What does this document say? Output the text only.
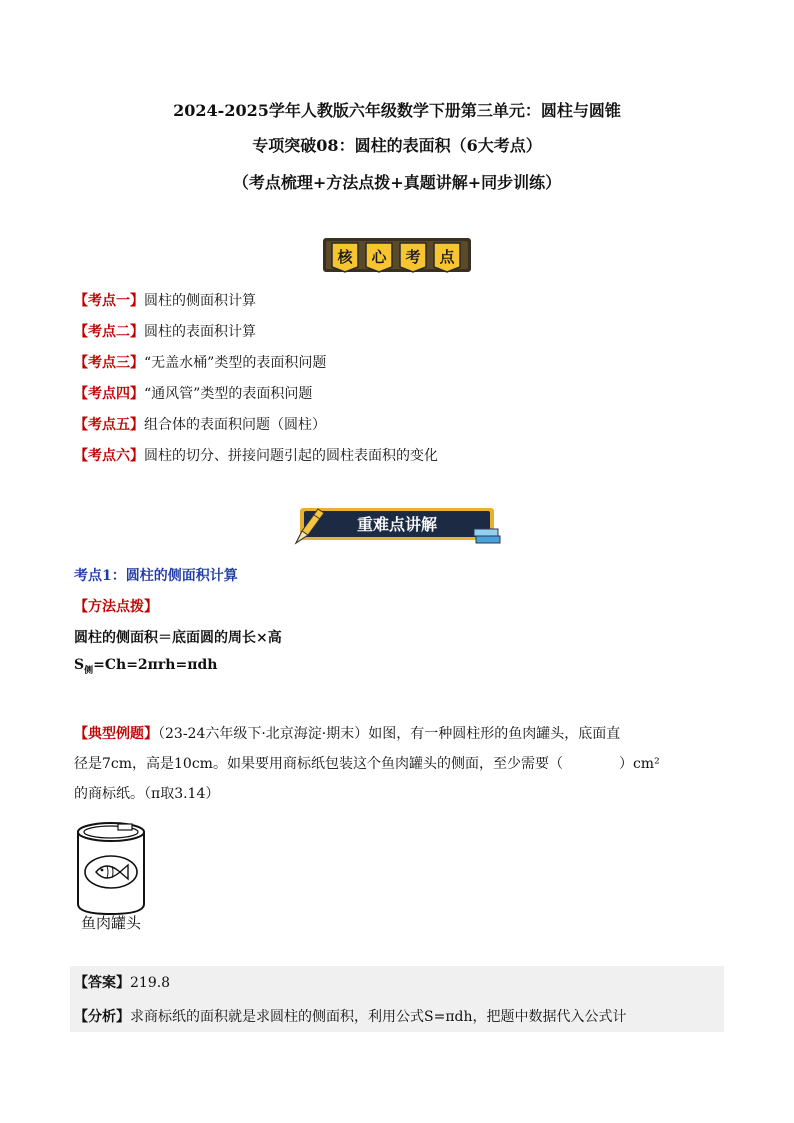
2024-2025学年人教版六年级数学下册第三单元：圆柱与圆锥
专项突破08：圆柱的表面积（6大考点）
（考点梳理+方法点拨+真题讲解+同步训练）
核 心 考 点
【考点一】圆柱的侧面积计算
【考点二】圆柱的表面积计算
【考点三】“无盖水桶”类型的表面积问题
【考点四】“通风管”类型的表面积问题
【考点五】组合体的表面积问题（圆柱）
【考点六】圆柱的切分、拼接问题引起的圆柱表面积的变化
重难点讲解
考点1：圆柱的侧面积计算
【方法点拨】
圆柱的侧面积＝底面圆的周长×高
$S_侧=Ch=2\pi rh=\pi dh$
【典型例题】（23-24六年级下·北京海淀·期末）如图，有一种圆柱形的鱼肉罐头，底面直
径是7cm，高是10cm。如果要用商标纸包装这个鱼肉罐头的侧面，至少需要（　　　　）cm²
的商标纸。（π取3.14）
鱼肉罐头
【答案】219.8
【分析】求商标纸的面积就是求圆柱的侧面积，利用公式S=πdh，把题中数据代入公式计
